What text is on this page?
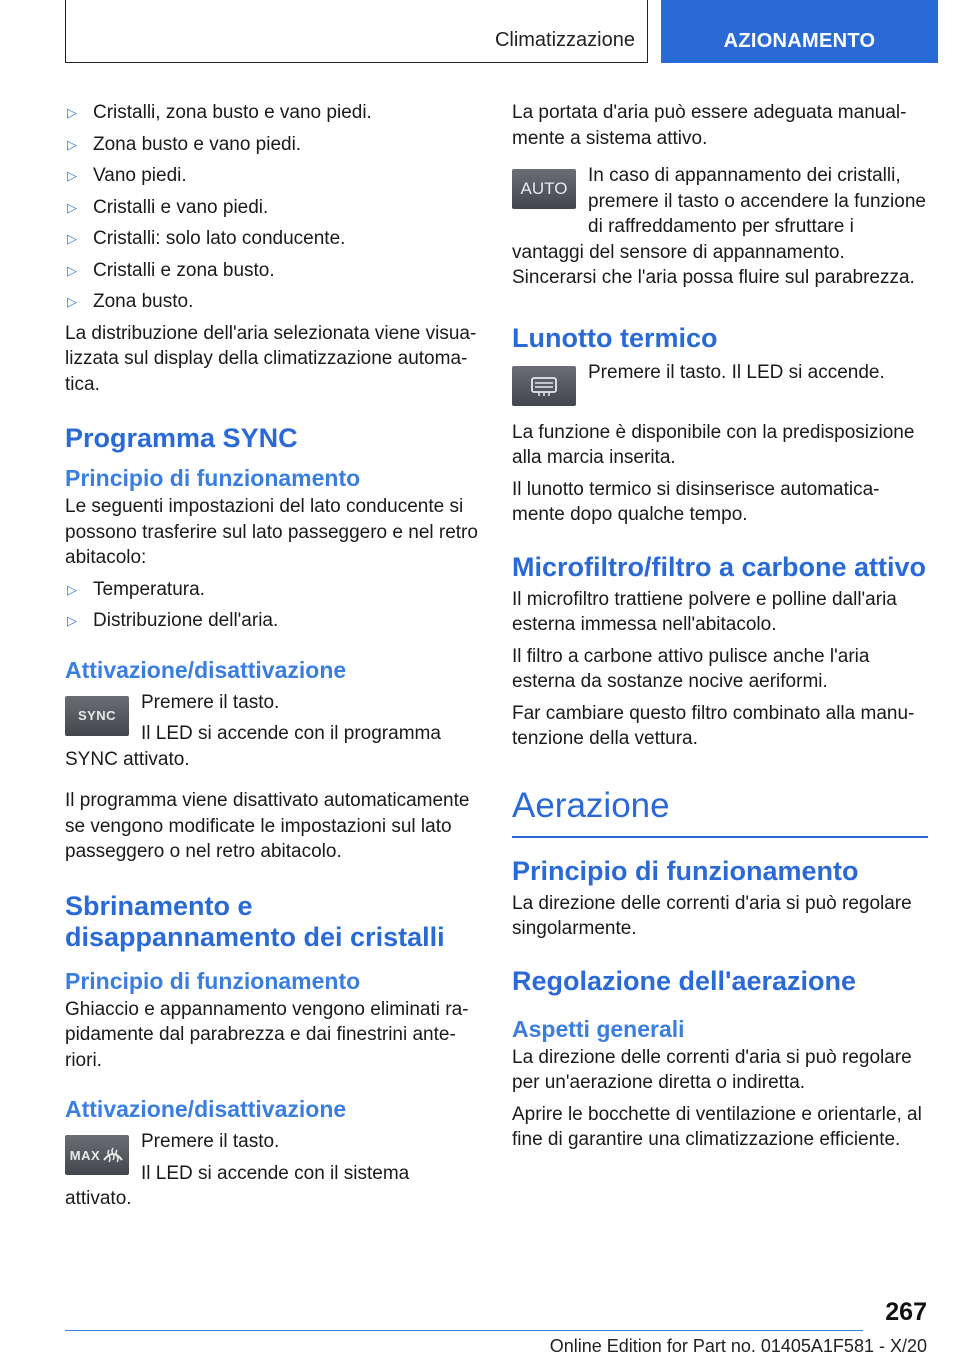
Climatizzazione	AZIONAMENTO
▷ Cristalli, zona busto e vano piedi.
▷ Zona busto e vano piedi.
▷ Vano piedi.
▷ Cristalli e vano piedi.
▷ Cristalli: solo lato conducente.
▷ Cristalli e zona busto.
▷ Zona busto.

La distribuzione dell'aria selezionata viene visua- lizzata sul display della climatizzazione automa- tica.

Programma SYNC
Principio di funzionamento

Le seguenti impostazioni del lato conducente si possono trasferire sul lato passeggero e nel retro abitacolo:

▷ Temperatura.
▷ Distribuzione dell'aria.
Attivazione/disattivazione
SYNC

Premere il tasto.

Il LED si accende con il programma SYNC attivato.

Il programma viene disattivato automaticamente se vengono modificate le impostazioni sul lato passeggero o nel retro abitacolo.

Sbrinamento e disappannamento dei cristalli
Principio di funzionamento

Ghiaccio e appannamento vengono eliminati ra- pidamente dal parabrezza e dai finestrini ante- riori.

Attivazione/disattivazione
MAX

Premere il tasto.

Il LED si accende con il sistema attivato.

La portata d'aria può essere adeguata manual- mente a sistema attivo.

AUTO

In caso di appannamento dei cristalli, premere il tasto o accendere la funzione di raffreddamento per sfruttare i vantaggi del sensore di appannamento. Sincerarsi che l'aria possa fluire sul parabrezza.

Lunotto termico

Premere il tasto. Il LED si accende.

La funzione è disponibile con la predisposizione alla marcia inserita.

Il lunotto termico si disinserisce automatica- mente dopo qualche tempo.

Microfiltro/filtro a carbone attivo

Il microfiltro trattiene polvere e polline dall'aria esterna immessa nell'abitacolo.

Il filtro a carbone attivo pulisce anche l'aria esterna da sostanze nocive aeriformi.

Far cambiare questo filtro combinato alla manu- tenzione della vettura.

Aerazione
Principio di funzionamento

La direzione delle correnti d'aria si può regolare singolarmente.

Regolazione dell'aerazione
Aspetti generali

La direzione delle correnti d'aria si può regolare per un'aerazione diretta o indiretta.

Aprire le bocchette di ventilazione e orientarle, al fine di garantire una climatizzazione efficiente.

267
Online Edition for Part no. 01405A1F581 - X/20
